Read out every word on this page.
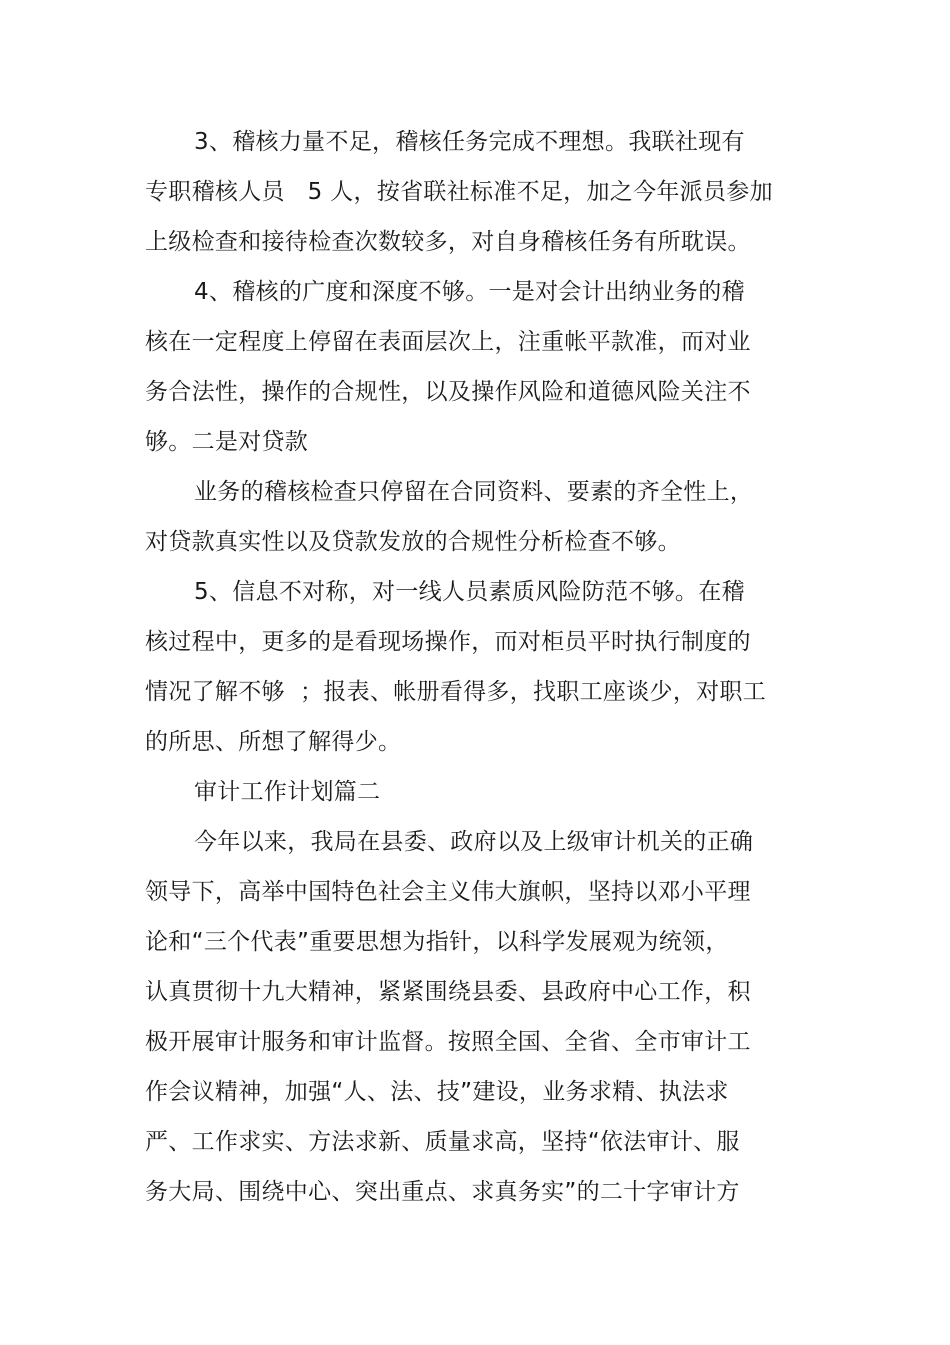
3、稽核力量不足，稽核任务完成不理想。我联社现有
专职稽核人员   5 人，按省联社标准不足，加之今年派员参加
上级检查和接待检查次数较多，对自身稽核任务有所耽误。
4、稽核的广度和深度不够。一是对会计出纳业务的稽
核在一定程度上停留在表面层次上，注重帐平款准，而对业
务合法性，操作的合规性，以及操作风险和道德风险关注不
够。二是对贷款
业务的稽核检查只停留在合同资料、要素的齐全性上，
对贷款真实性以及贷款发放的合规性分析检查不够。
5、信息不对称，对一线人员素质风险防范不够。在稽
核过程中，更多的是看现场操作，而对柜员平时执行制度的
情况了解不够  ；报表、帐册看得多，找职工座谈少，对职工
的所思、所想了解得少。
审计工作计划篇二
今年以来，我局在县委、政府以及上级审计机关的正确
领导下，高举中国特色社会主义伟大旗帜，坚持以邓小平理
论和“三个代表”重要思想为指针，以科学发展观为统领，
认真贯彻十九大精神，紧紧围绕县委、县政府中心工作，积
极开展审计服务和审计监督。按照全国、全省、全市审计工
作会议精神，加强“人、法、技”建设，业务求精、执法求
严、工作求实、方法求新、质量求高，坚持“依法审计、服
务大局、围绕中心、突出重点、求真务实”的二十字审计方
